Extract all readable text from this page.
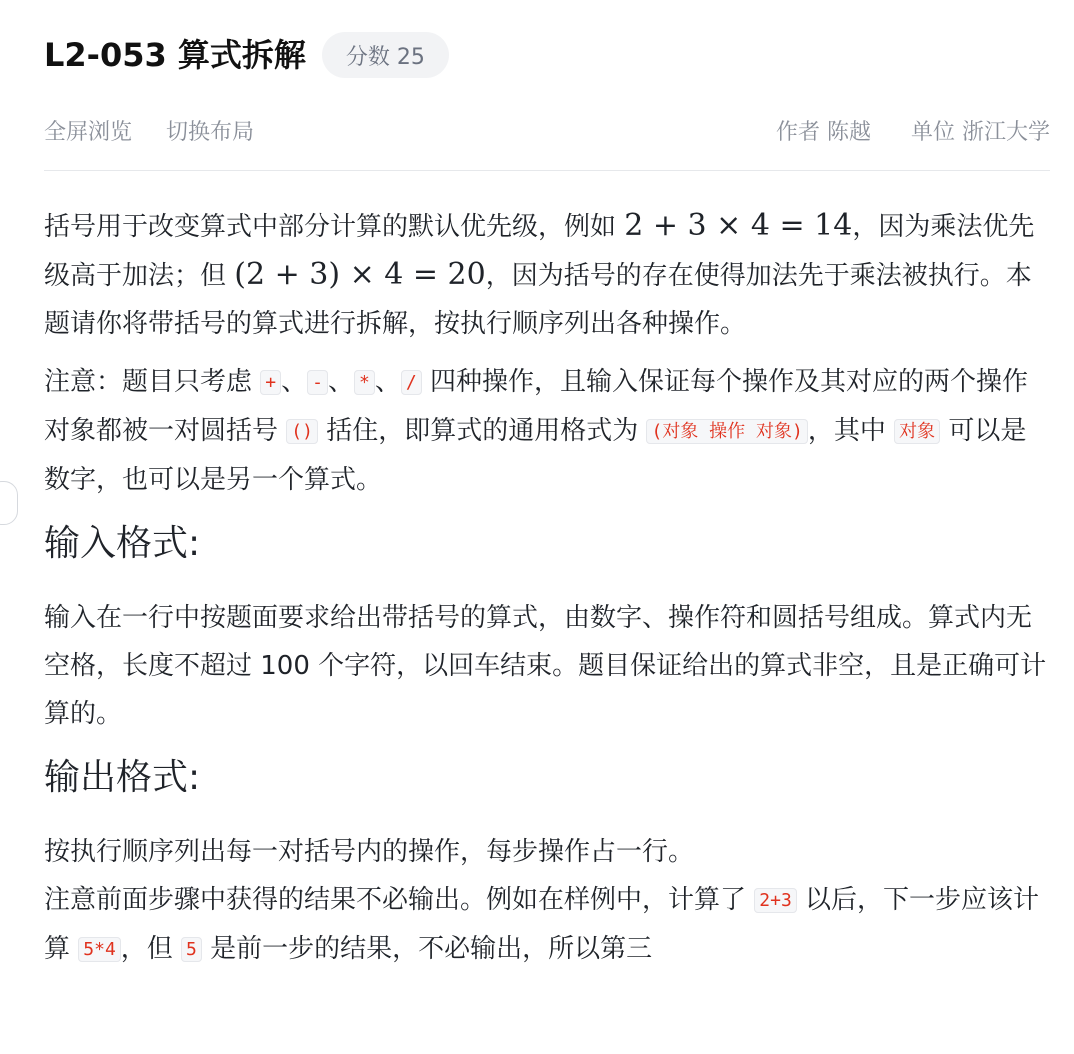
L2-053 算式拆解	分数 25
全屏浏览 切换布局	作者 陈越 单位 浙江大学

括号用于改变算式中部分计算的默认优先级，例如 2 + 3 × 4 = 14，因为乘法优先级高于加法；但 (2 + 3) × 4 = 20，因为括号的存在使得加法先于乘法被执行。本题请你将带括号的算式进行拆解，按执行顺序列出各种操作。

注意：题目只考虑 + 、 - 、 * 、 / 四种操作，且输入保证每个操作及其对应的两个操作对象都被一对圆括号 () 括住，即算式的通用格式为 (对象 操作 对象) ，其中 对象 可以是数字，也可以是另一个算式。

输入格式:

输入在一行中按题面要求给出带括号的算式，由数字、操作符和圆括号组成。算式内无空格，长度不超过 100 个字符，以回车结束。题目保证给出的算式非空，且是正确可计算的。

输出格式:
按执行顺序列出每一对括号内的操作，每步操作占一行。
注意前面步骤中获得的结果不必输出。例如在样例中，计算了 2+3 以后，下一步应该计算 5*4 ，但 5 是前一步的结果，不必输出，所以第三
